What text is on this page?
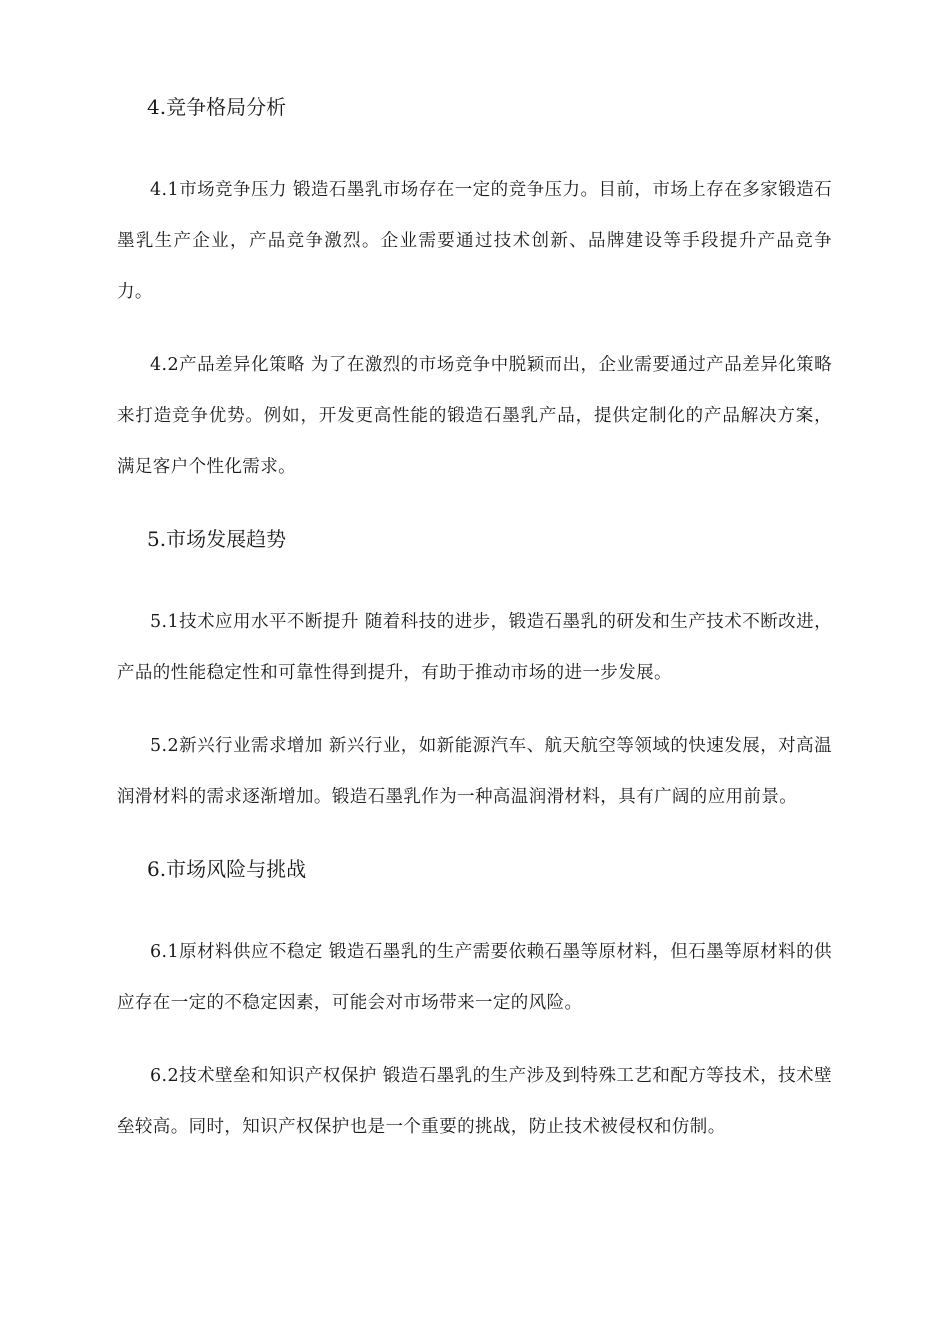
4.竞争格局分析

4.1市场竞争压力 锻造石墨乳市场存在一定的竞争压力。目前，市场上存在多家锻造石墨乳生产企业，产品竞争激烈。企业需要通过技术创新、品牌建设等手段提升产品竞争力。

4.2产品差异化策略 为了在激烈的市场竞争中脱颖而出，企业需要通过产品差异化策略来打造竞争优势。例如，开发更高性能的锻造石墨乳产品，提供定制化的产品解决方案，满足客户个性化需求。

5.市场发展趋势

5.1技术应用水平不断提升 随着科技的进步，锻造石墨乳的研发和生产技术不断改进，产品的性能稳定性和可靠性得到提升，有助于推动市场的进一步发展。

5.2新兴行业需求增加 新兴行业，如新能源汽车、航天航空等领域的快速发展，对高温润滑材料的需求逐渐增加。锻造石墨乳作为一种高温润滑材料，具有广阔的应用前景。

6.市场风险与挑战

6.1原材料供应不稳定 锻造石墨乳的生产需要依赖石墨等原材料，但石墨等原材料的供应存在一定的不稳定因素，可能会对市场带来一定的风险。

6.2技术壁垒和知识产权保护 锻造石墨乳的生产涉及到特殊工艺和配方等技术，技术壁垒较高。同时，知识产权保护也是一个重要的挑战，防止技术被侵权和仿制。
